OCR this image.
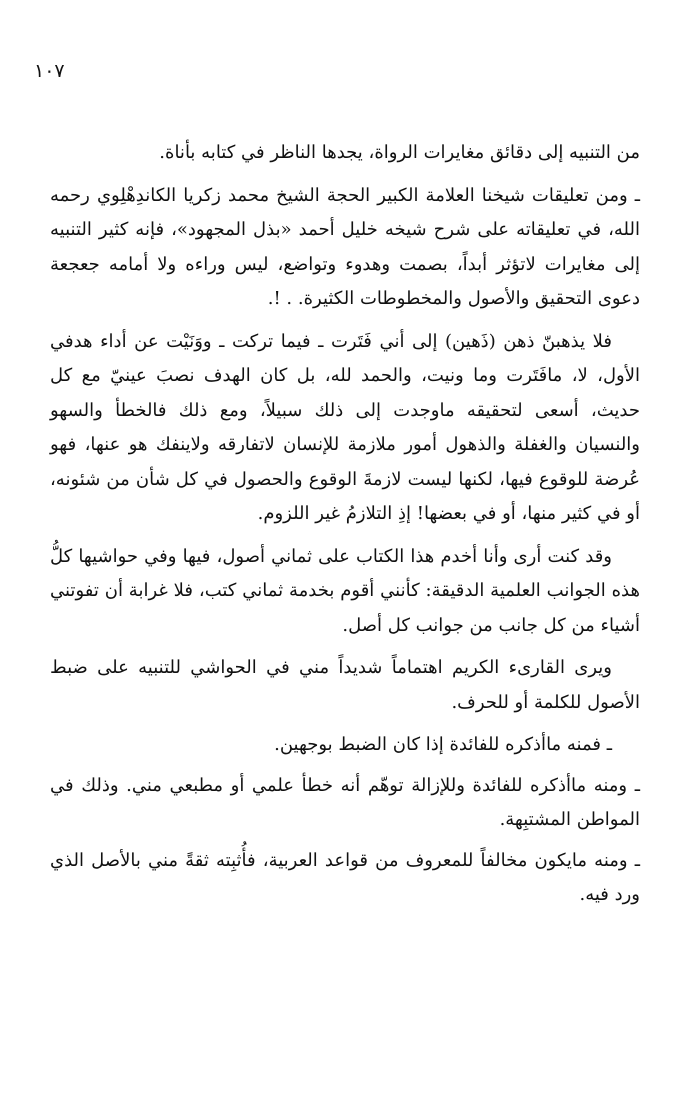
١٠٧

من التنبيه إلى دقائق مغايرات الرواة، يجدها الناظر في كتابه بأناة.

ـ ومن تعليقات شيخنا العلامة الكبير الحجة الشيخ محمد زكريا الكاندِهْلِوي رحمه الله، في تعليقاته على شرح شيخه خليل أحمد «بذل المجهود»، فإنه كثير التنبيه إلى مغايرات لاتؤثر أبداً، بصمت وهدوء وتواضع، ليس وراءه ولا أمامه جعجعة دعوى التحقيق والأصول والمخطوطات الكثيرة. . !.

فلا يذهبنّ ذهن (ذَهين) إلى أني فَتَرت ـ فيما تركت ـ ووَنَيْت عن أداء هدفي الأول، لا، مافَتَرت وما ونيت، والحمد لله، بل كان الهدف نصبَ عينيّ مع كل حديث، أسعى لتحقيقه ماوجدت إلى ذلك سبيلاً، ومع ذلك فالخطأ والسهو والنسيان والغفلة والذهول أمور ملازمة للإنسان لاتفارقه ولاينفك هو عنها، فهو عُرضة للوقوع فيها، لكنها ليست لازمةَ الوقوع والحصول في كل شأن من شئونه، أو في كثير منها، أو في بعضها! إذِ التلازمُ غير اللزوم.

وقد كنت أرى وأنا أخدم هذا الكتاب على ثماني أصول، فيها وفي حواشيها كلُّ هذه الجوانب العلمية الدقيقة: كأنني أقوم بخدمة ثماني كتب، فلا غرابة أن تفوتني أشياء من كل جانب من جوانب كل أصل.

ويرى القارىء الكريم اهتماماً شديداً مني في الحواشي للتنبيه على ضبط الأصول للكلمة أو للحرف.

ـ فمنه ماأذكره للفائدة إذا كان الضبط بوجهين.

ـ ومنه ماأذكره للفائدة وللإزالة توهّم أنه خطأ علمي أو مطبعي مني. وذلك في المواطن المشتبِهة.

ـ ومنه مايكون مخالفاً للمعروف من قواعد العربية، فأُثبِته ثقةً مني بالأصل الذي ورد فيه.
